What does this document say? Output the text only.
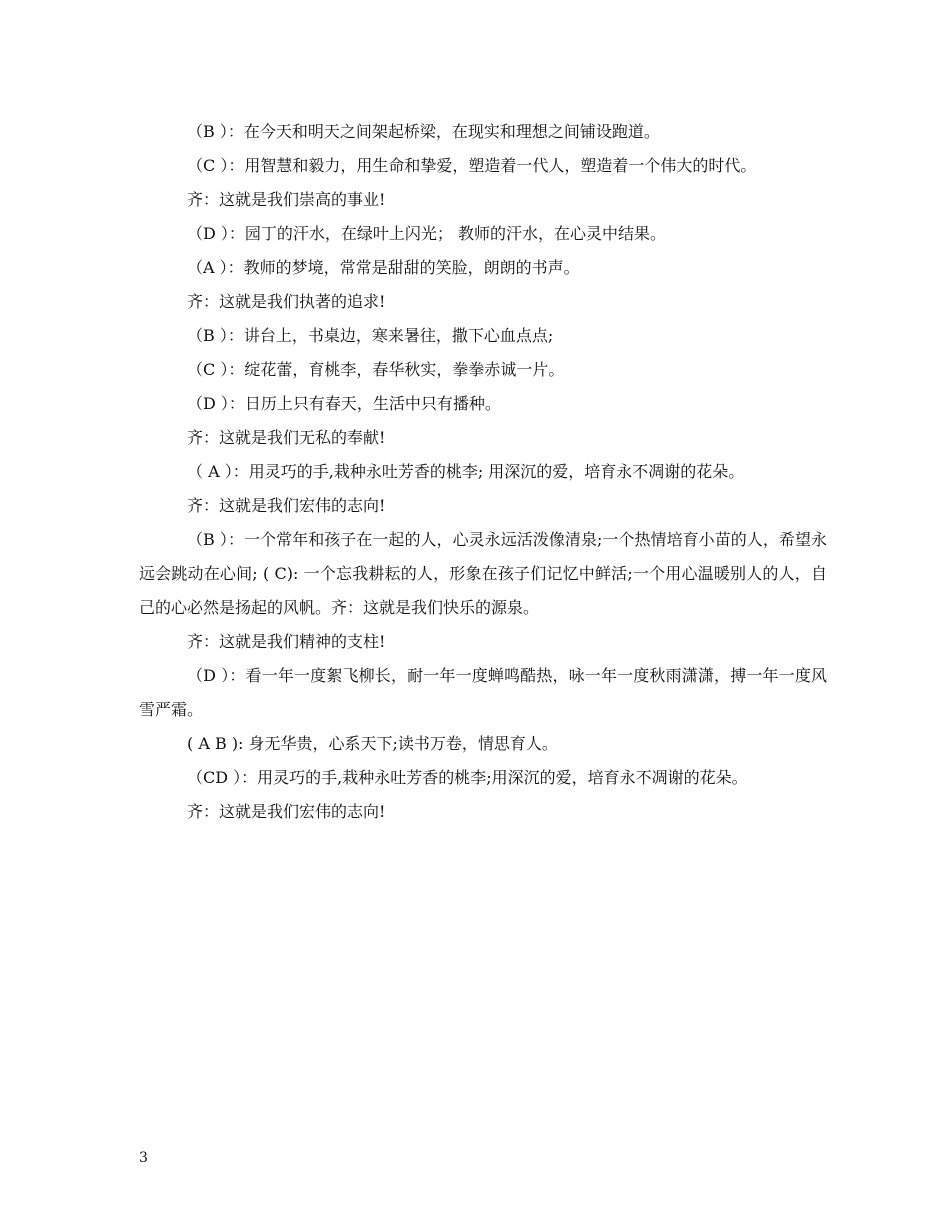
（B ）：在今天和明天之间架起桥梁，在现实和理想之间铺设跑道。

（C ）：用智慧和毅力，用生命和挚爱，塑造着一代人，塑造着一个伟大的时代。

齐：这就是我们崇高的事业!

（D ）：园丁的汗水，在绿叶上闪光； 教师的汗水，在心灵中结果。

（A ）：教师的梦境，常常是甜甜的笑脸，朗朗的书声。

齐：这就是我们执著的追求!

（B ）：讲台上，书桌边，寒来暑往，撒下心血点点;

（C ）：绽花蕾，育桃李，春华秋实，拳拳赤诚一片。

（D ）：日历上只有春天，生活中只有播种。

齐：这就是我们无私的奉献!

（ A ）：用灵巧的手,栽种永吐芳香的桃李; 用深沉的爱，培育永不凋谢的花朵。

齐：这就是我们宏伟的志向!

（B ）：一个常年和孩子在一起的人，心灵永远活泼像清泉;一个热情培育小苗的人，希望永远会跳动在心间; ( C): 一个忘我耕耘的人，形象在孩子们记忆中鲜活;一个用心温暖别人的人，自己的心必然是扬起的风帆。齐：这就是我们快乐的源泉。

齐：这就是我们精神的支柱!

（D ）：看一年一度絮飞柳长，耐一年一度蝉鸣酷热，咏一年一度秋雨潇潇，搏一年一度风雪严霜。

( A B ): 身无华贵，心系天下;读书万卷，情思育人。

（CD ）：用灵巧的手,栽种永吐芳香的桃李;用深沉的爱，培育永不凋谢的花朵。

齐：这就是我们宏伟的志向!

3
